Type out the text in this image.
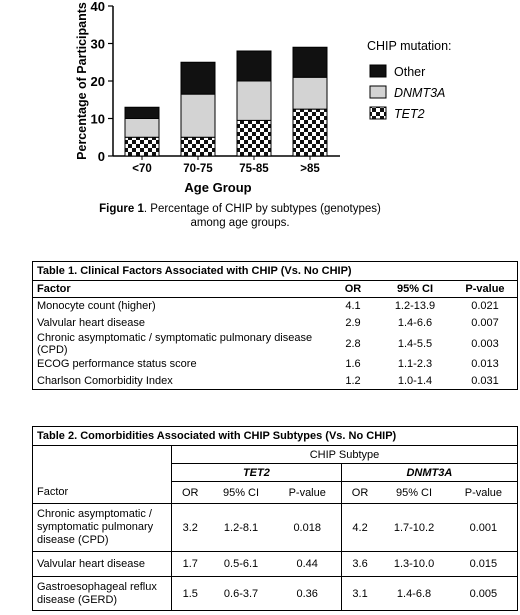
0
10
20
30
40
<70	70-75 75-85	>85
Age Group
Percentage of Participants	CHIP mutation:
Other
DNMT3A
TET2
Figure 1. Percentage of CHIP by subtypes (genotypes)
among age groups.
Table 1. Clinical Factors Associated with CHIP (Vs. No CHIP)			
Factor	OR	95% CI	P-value
Monocyte count (higher)	4.1	1.2-13.9	0.021
Valvular heart disease	2.9	1.4-6.6	0.007
Chronic asymptomatic / symptomatic pulmonary disease (CPD)	2.8	1.4-5.5	0.003
ECOG performance status score	1.6	1.1-2.3	0.013
Charlson Comorbidity Index	1.2	1.0-1.4	0.031
Table 2. Comorbidities Associated with CHIP Subtypes (Vs. No CHIP)						
	CHIP Subtype					
	TET2			DNMT3A		
Factor	OR	95% CI	P-value	OR	95% CI	P-value
Chronic asymptomatic /
symptomatic pulmonary
disease (CPD)	3.2	1.2-8.1	0.018	4.2	1.7-10.2	0.001
Valvular heart disease	1.7	0.5-6.1	0.44	3.6	1.3-10.0	0.015
Gastroesophageal reflux
disease (GERD)	1.5	0.6-3.7	0.36	3.1	1.4-6.8	0.005
